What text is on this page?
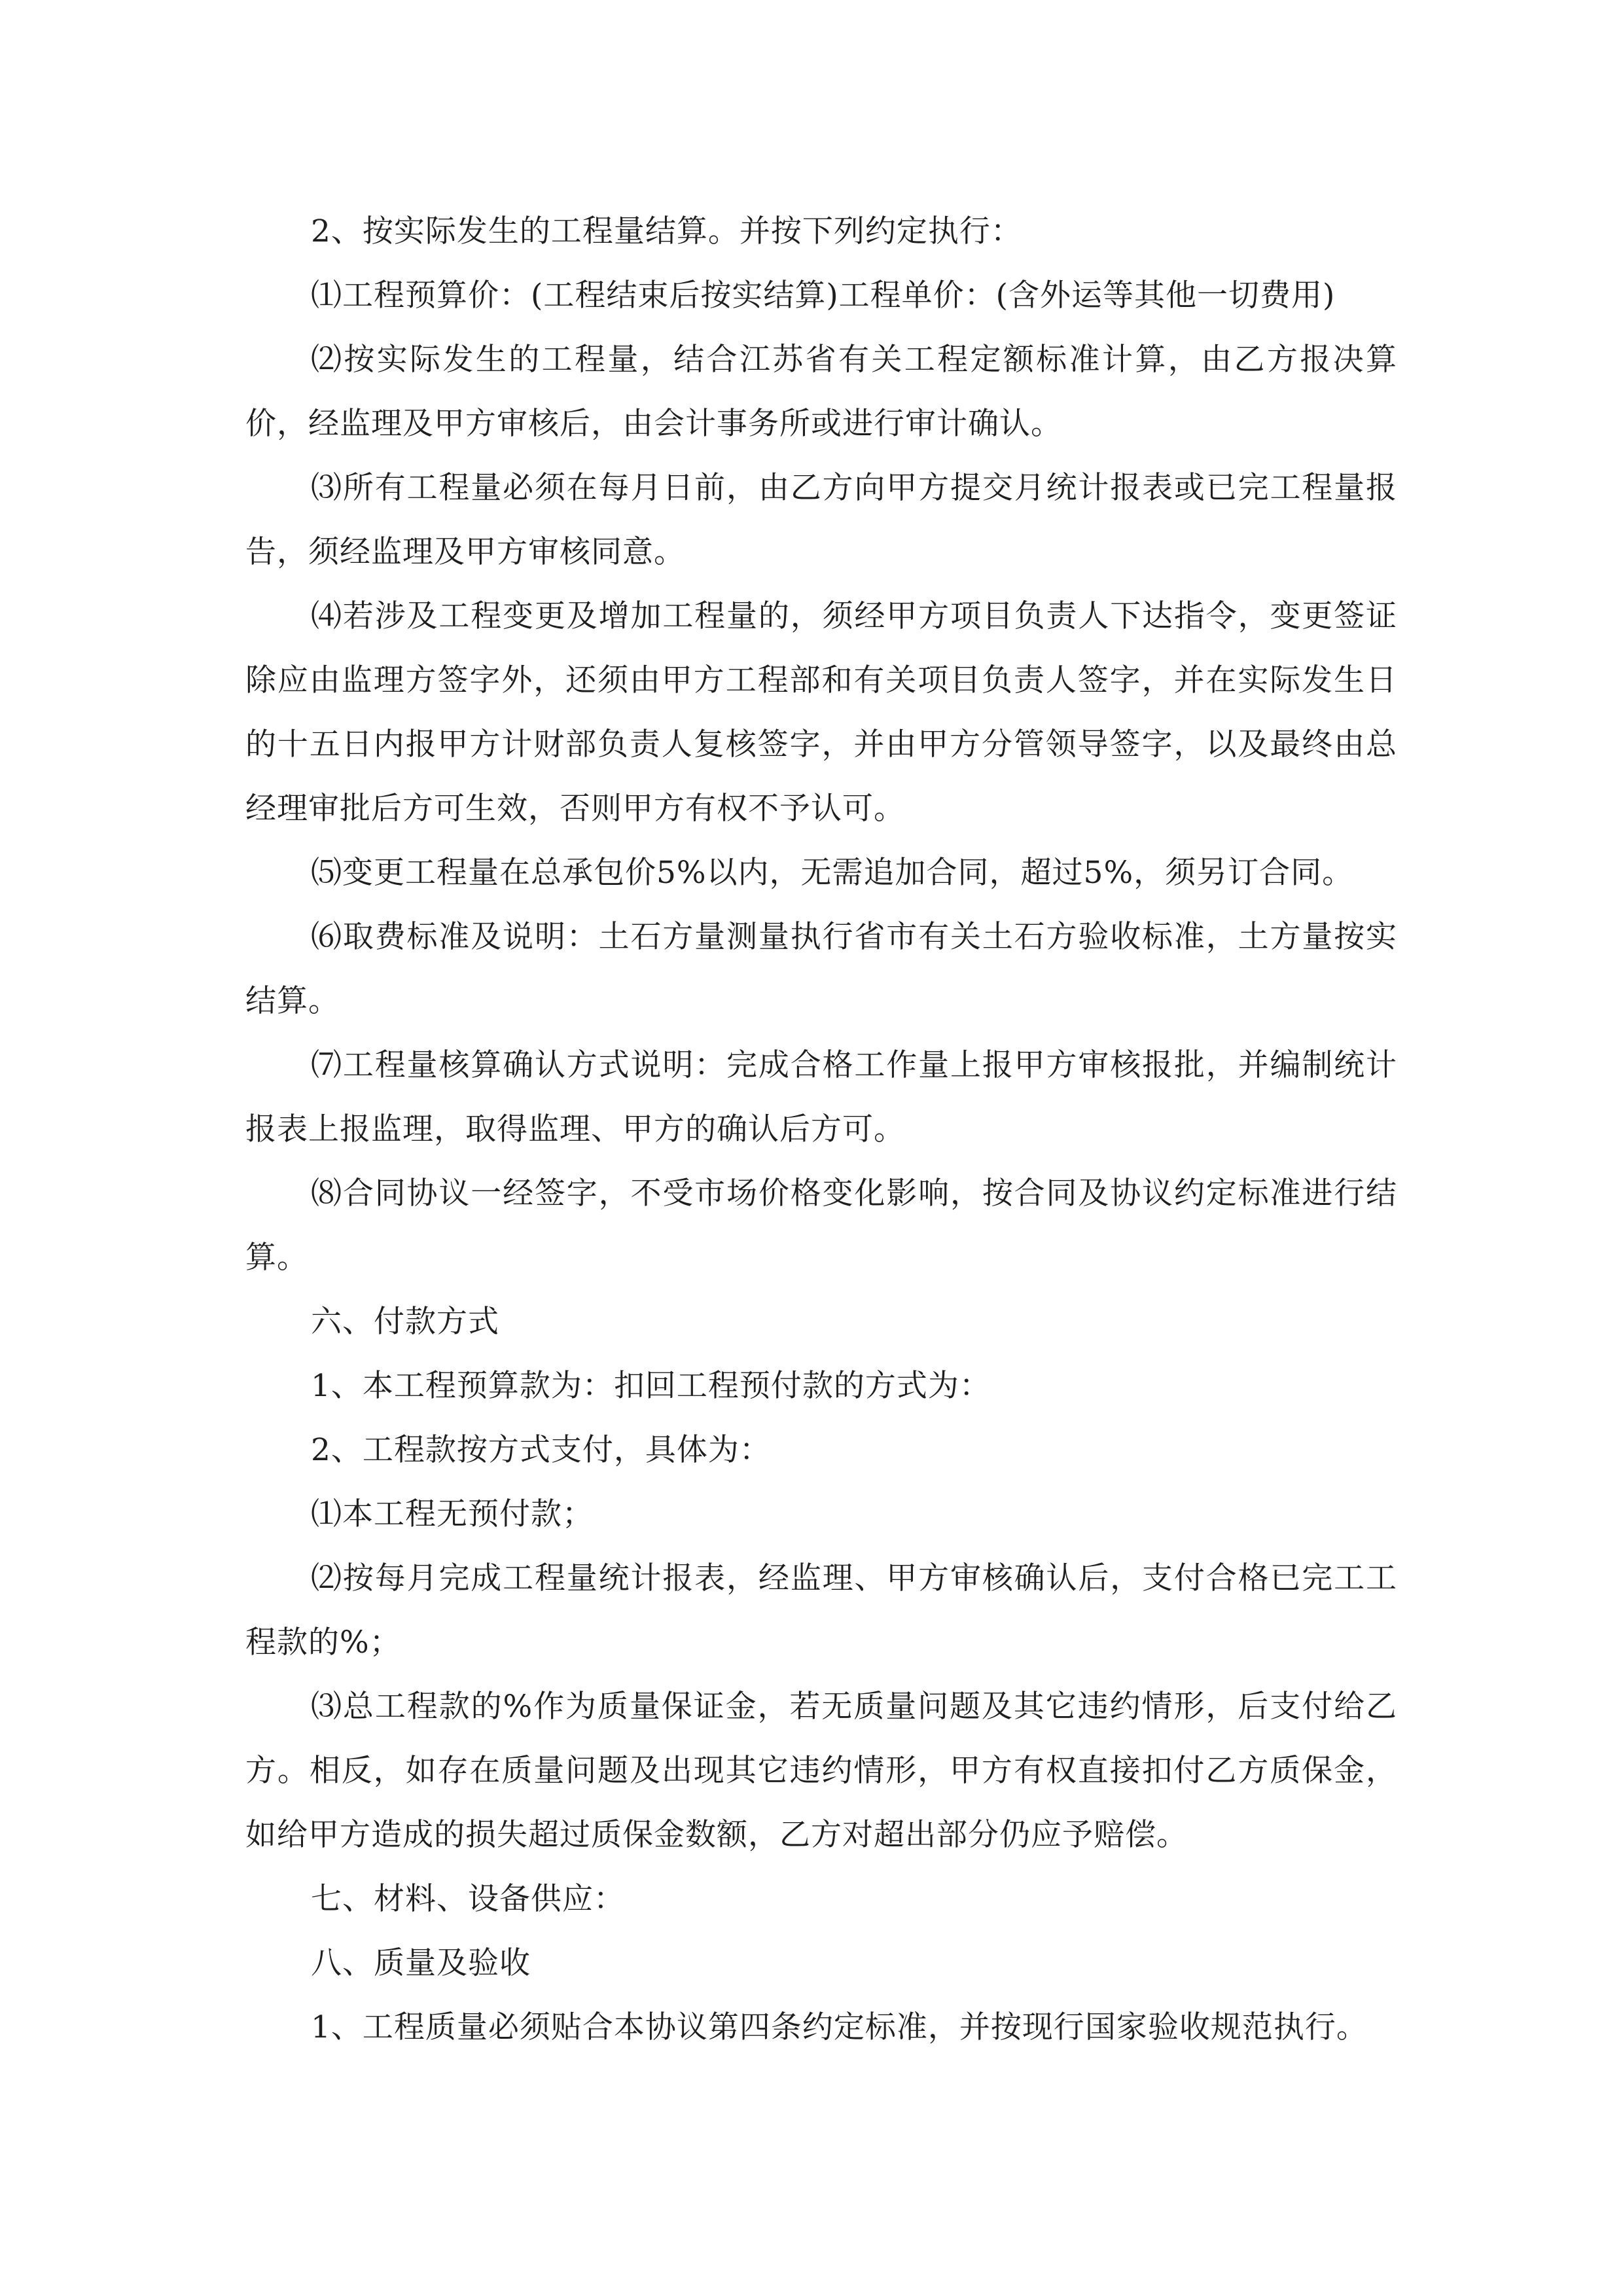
2、按实际发生的工程量结算。并按下列约定执行：

⑴工程预算价：(工程结束后按实结算)工程单价：(含外运等其他一切费用)

⑵按实际发生的工程量，结合江苏省有关工程定额标准计算，由乙方报决算价，经监理及甲方审核后，由会计事务所或进行审计确认。

⑶所有工程量必须在每月日前，由乙方向甲方提交月统计报表或已完工程量报告，须经监理及甲方审核同意。

⑷若涉及工程变更及增加工程量的，须经甲方项目负责人下达指令，变更签证除应由监理方签字外，还须由甲方工程部和有关项目负责人签字，并在实际发生日的十五日内报甲方计财部负责人复核签字，并由甲方分管领导签字，以及最终由总经理审批后方可生效，否则甲方有权不予认可。

⑸变更工程量在总承包价5%以内，无需追加合同，超过5%，须另订合同。

⑹取费标准及说明：土石方量测量执行省市有关土石方验收标准，土方量按实结算。

⑺工程量核算确认方式说明：完成合格工作量上报甲方审核报批，并编制统计报表上报监理，取得监理、甲方的确认后方可。

⑻合同协议一经签字，不受市场价格变化影响，按合同及协议约定标准进行结算。

六、付款方式

1、本工程预算款为：扣回工程预付款的方式为：

2、工程款按方式支付，具体为：

⑴本工程无预付款；

⑵按每月完成工程量统计报表，经监理、甲方审核确认后，支付合格已完工工程款的%；

⑶总工程款的%作为质量保证金，若无质量问题及其它违约情形，后支付给乙方。相反，如存在质量问题及出现其它违约情形，甲方有权直接扣付乙方质保金，如给甲方造成的损失超过质保金数额，乙方对超出部分仍应予赔偿。

七、材料、设备供应：

八、质量及验收

1、工程质量必须贴合本协议第四条约定标准，并按现行国家验收规范执行。
